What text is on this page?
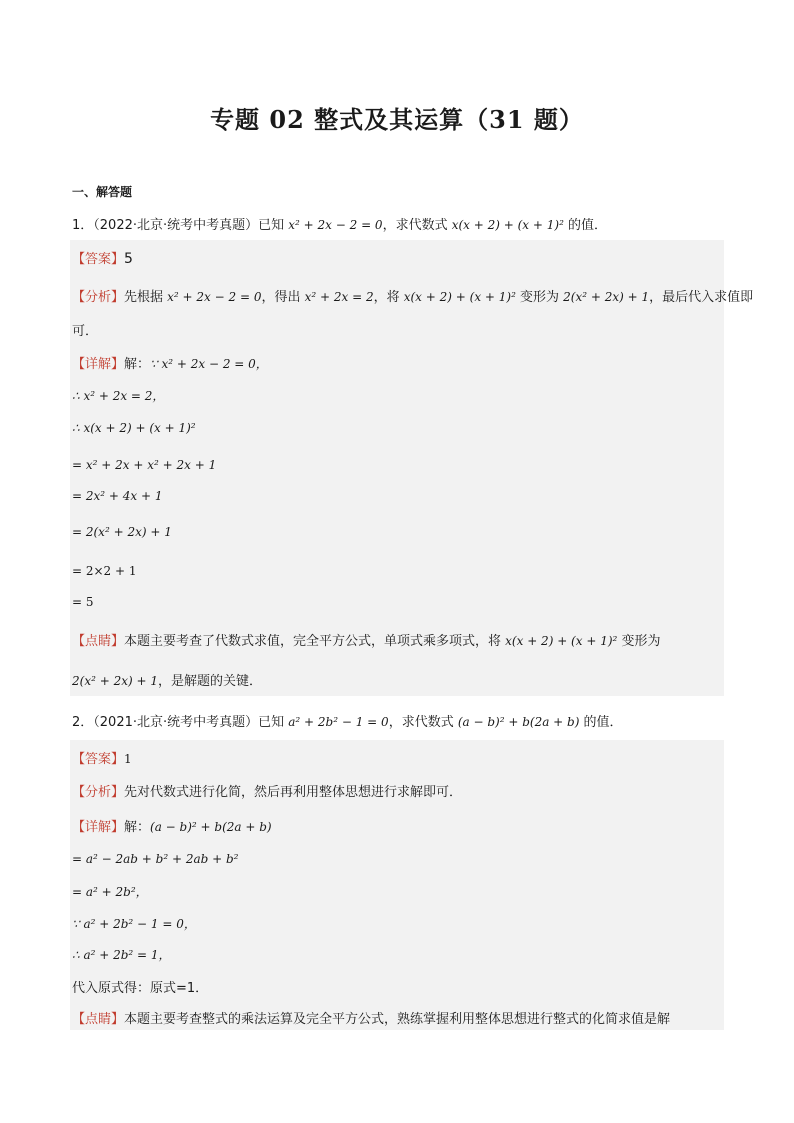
专题 02 整式及其运算（31 题）
一、解答题
1．（2022·北京·统考中考真题）已知 x² + 2x − 2 = 0，求代数式 x(x + 2) + (x + 1)² 的值．
【答案】5
【分析】先根据 x² + 2x − 2 = 0，得出 x² + 2x = 2，将 x(x + 2) + (x + 1)² 变形为 2(x² + 2x) + 1，最后代入求值即
可．
【详解】解：∵ x² + 2x − 2 = 0，
∴ x² + 2x = 2，
∴ x(x + 2) + (x + 1)²
= x² + 2x + x² + 2x + 1
= 2x² + 4x + 1
= 2(x² + 2x) + 1
= 2×2 + 1
= 5
【点睛】本题主要考查了代数式求值，完全平方公式，单项式乘多项式，将 x(x + 2) + (x + 1)² 变形为
2(x² + 2x) + 1，是解题的关键．
2．（2021·北京·统考中考真题）已知 a² + 2b² − 1 = 0，求代数式 (a − b)² + b(2a + b) 的值．
【答案】1
【分析】先对代数式进行化简，然后再利用整体思想进行求解即可．
【详解】解：(a − b)² + b(2a + b)
= a² − 2ab + b² + 2ab + b²
= a² + 2b²，
∵ a² + 2b² − 1 = 0，
∴ a² + 2b² = 1，
代入原式得：原式=1．
【点睛】本题主要考查整式的乘法运算及完全平方公式，熟练掌握利用整体思想进行整式的化简求值是解
